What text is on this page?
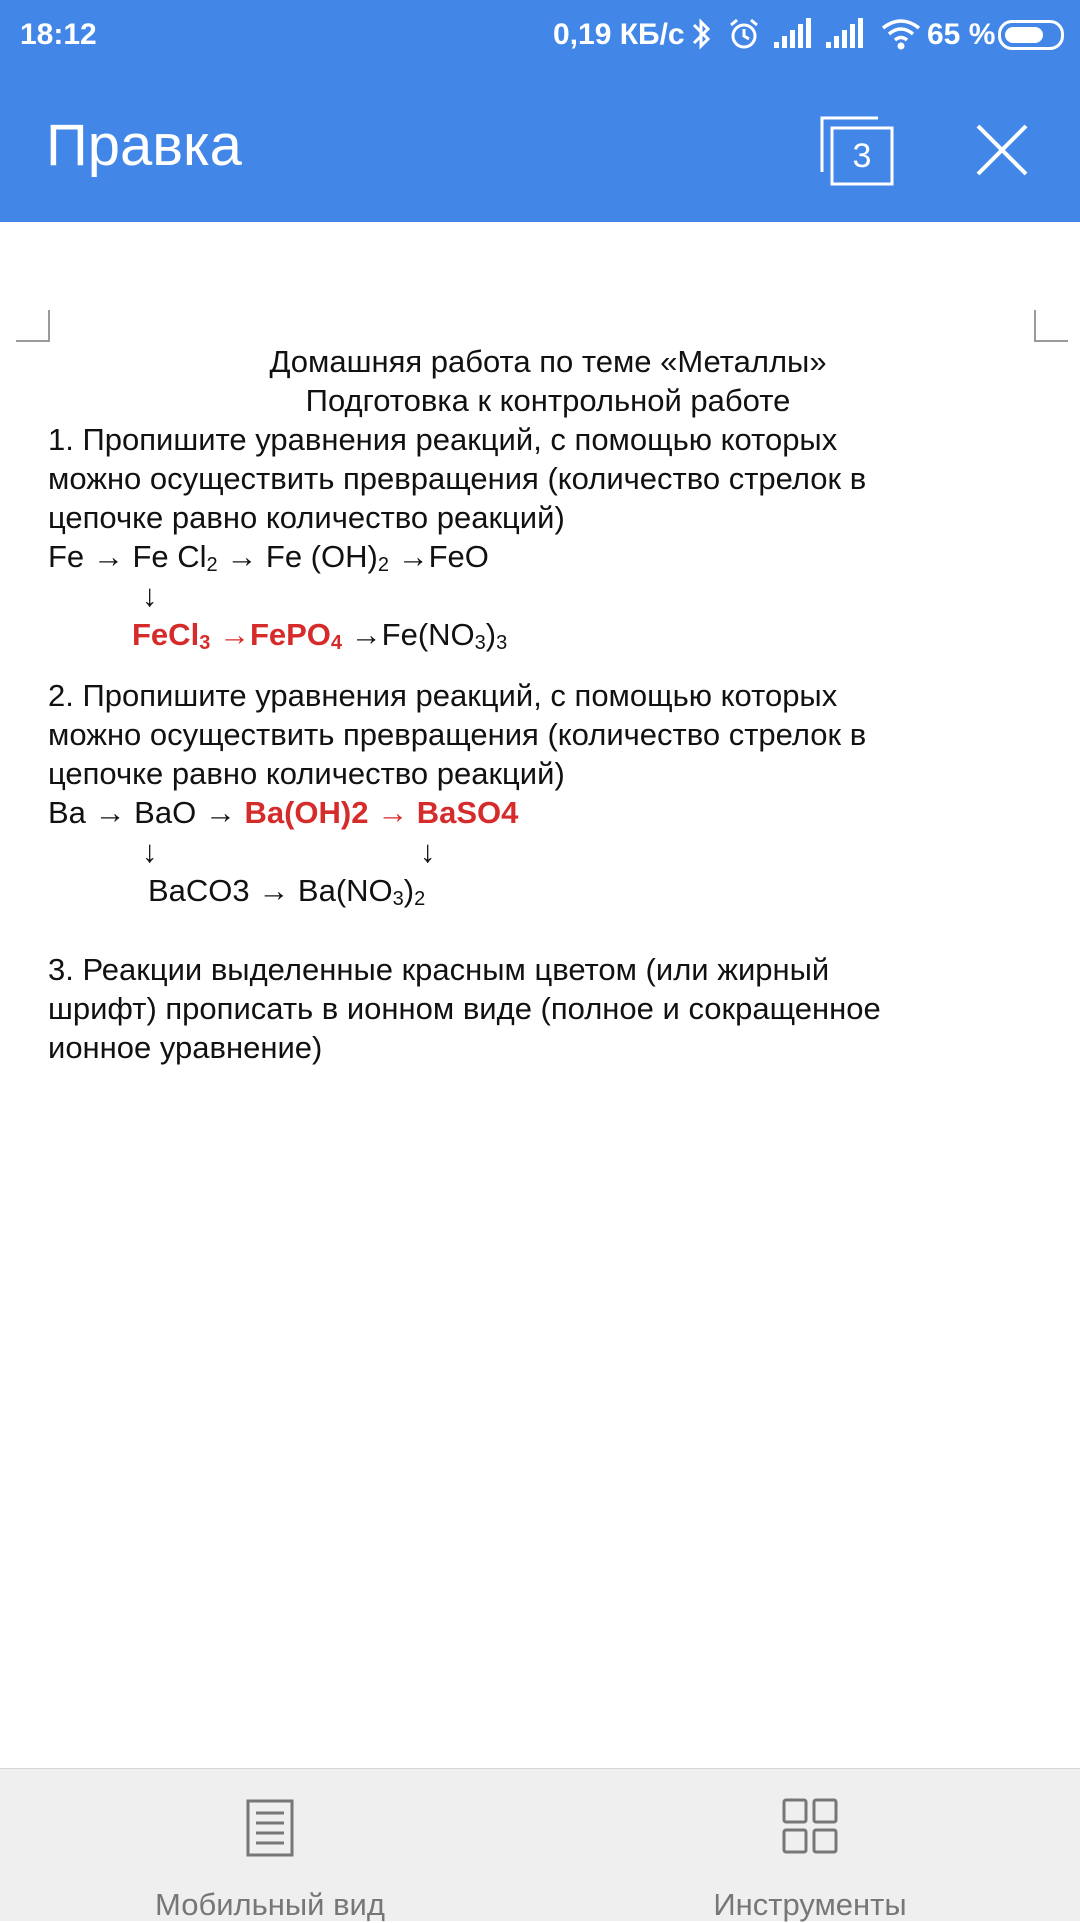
18:12	0,19 КБ/с	65 %
Правка	3
Домашняя работа по теме «Металлы»
Подготовка к контрольной работе
1. Пропишите уравнения реакций, с помощью которых
можно осуществить превращения (количество стрелок в
цепочке равно количество реакций)
Fe → Fe $Cl_2 \to Fe$ $(OH)_2 \to FeO$
↓
FeCl$_3$ →FePO$_4$ $\to Fe(NO_3)_3$
2. Пропишите уравнения реакций, с помощью которых
можно осуществить превращения (количество стрелок в
цепочке равно количество реакций)
Ba → BaO → Ba(OH)2 → BaSO4
↓	↓
BaCO3 → $Ba(NO_3)_2$
3. Реакции выделенные красным цветом (или жирный
шрифт) прописать в ионном виде (полное и сокращенное
ионное уравнение)
Мобильный вид	Инструменты
